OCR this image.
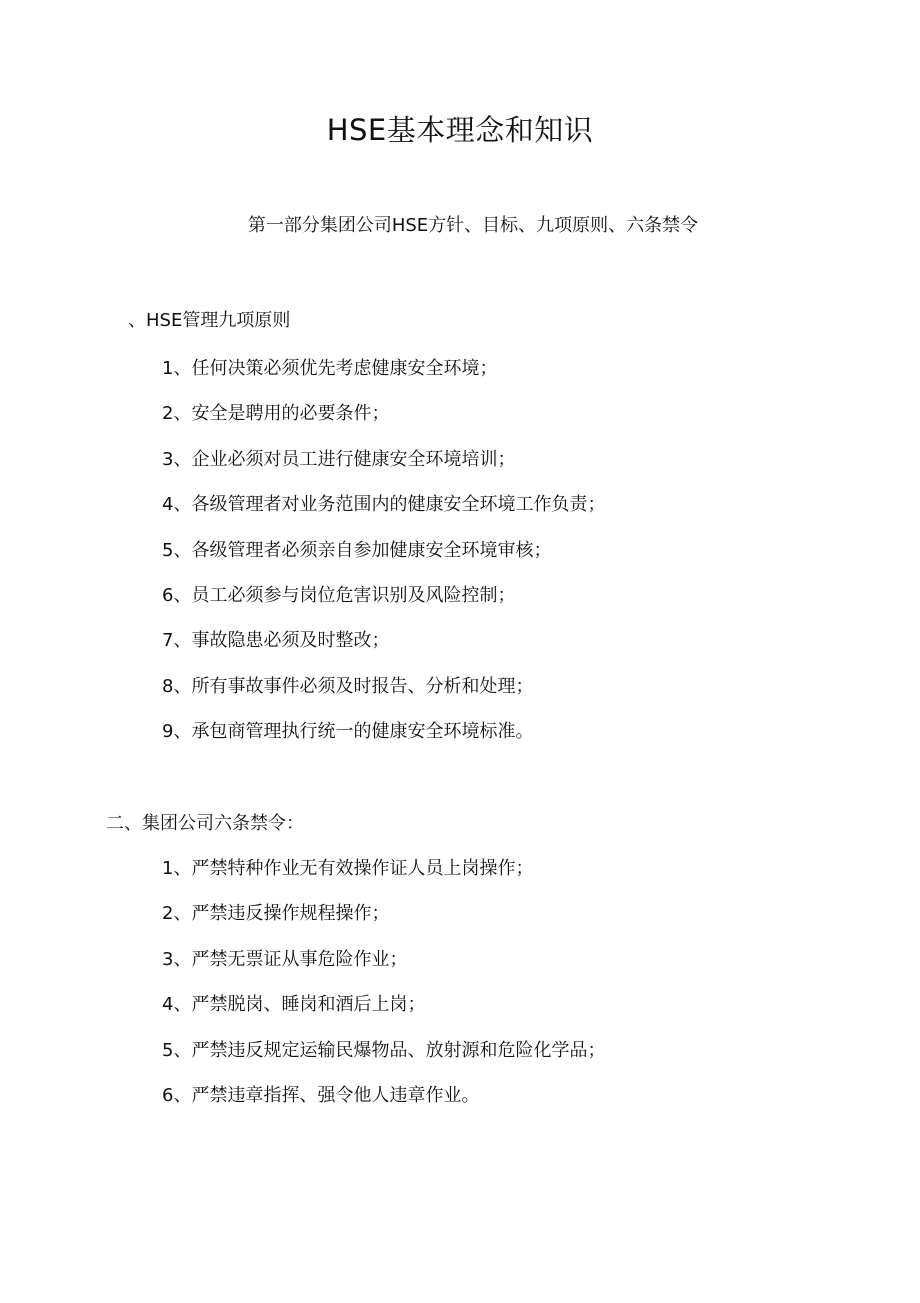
HSE基本理念和知识
第一部分集团公司HSE方针、目标、九项原则、六条禁令
、HSE管理九项原则
1、任何决策必须优先考虑健康安全环境；
2、安全是聘用的必要条件；
3、企业必须对员工进行健康安全环境培训；
4、各级管理者对业务范围内的健康安全环境工作负责；
5、各级管理者必须亲自参加健康安全环境审核；
6、员工必须参与岗位危害识别及风险控制；
7、事故隐患必须及时整改；
8、所有事故事件必须及时报告、分析和处理；
9、承包商管理执行统一的健康安全环境标准。
二、集团公司六条禁令：
1、严禁特种作业无有效操作证人员上岗操作；
2、严禁违反操作规程操作；
3、严禁无票证从事危险作业；
4、严禁脱岗、睡岗和酒后上岗；
5、严禁违反规定运输民爆物品、放射源和危险化学品；
6、严禁违章指挥、强令他人违章作业。
